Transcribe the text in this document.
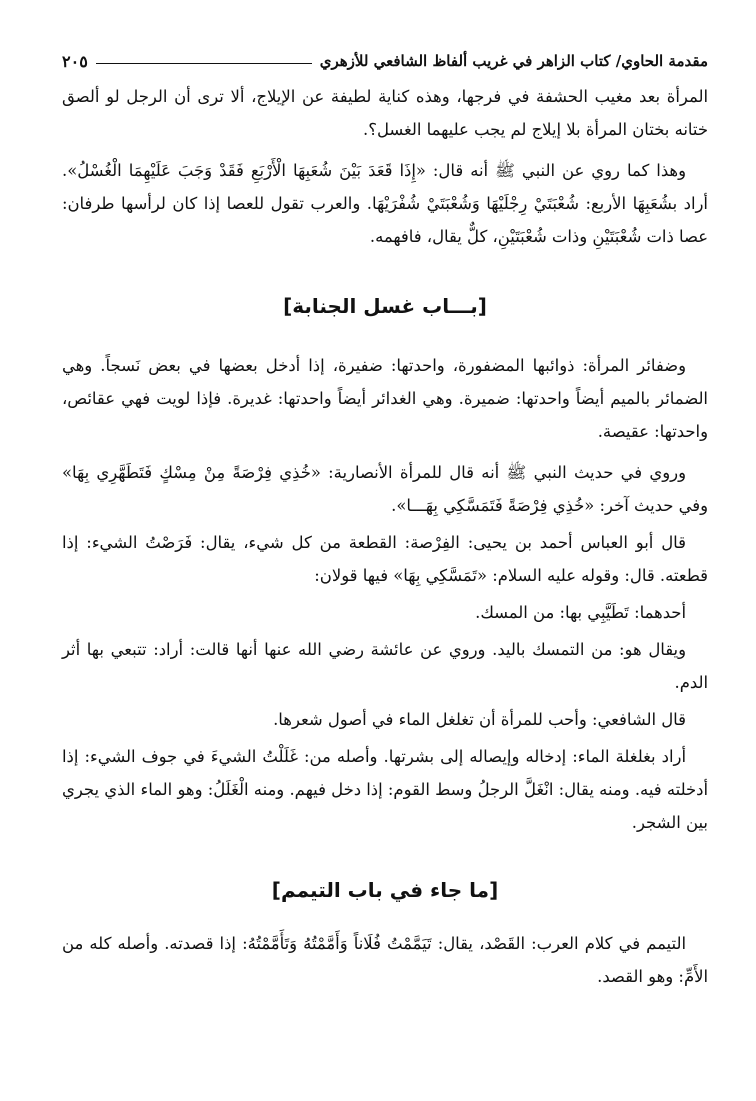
مقدمة الحاوي/ كتاب الزاهر في غريب ألفاظ الشافعي للأزهري
٢٠٥

المرأة بعد مغيب الحشفة في فرجها، وهذه كناية لطيفة عن الإيلاج، ألا ترى أن الرجل لو ألصق ختانه بختان المرأة بلا إيلاج لم يجب عليهما الغسل؟.

وهذا كما روي عن النبي ﷺ أنه قال: «إِذَا قَعَدَ بَيْنَ شُعَبِهَا الْأَرْبَعِ فَقَدْ وَجَبَ عَلَيْهِمَا الْغُسْلُ». أراد بشُعَبِهَا الأربع: شُعْبَتَيْ رِجْلَيْهَا وَشُعْبَتَيْ شُفْرَيْهَا. والعرب تقول للعصا إذا كان لرأسها طرفان: عصا ذات شُعْبَتَيْنِ وذات شُعْبَتَيْنِ، كلٌّ يقال، فافهمه.

[بـــاب غسل الجنابة]

وضفائر المرأة: ذوائبها المضفورة، واحدتها: ضفيرة، إذا أدخل بعضها في بعض نَسجاً. وهي الضمائر بالميم أيضاً واحدتها: ضميرة. وهي الغدائر أيضاً واحدتها: غديرة. فإذا لويت فهي عقائص، واحدتها: عقيصة.

وروي في حديث النبي ﷺ أنه قال للمرأة الأنصارية: «خُذِي فِرْصَةً مِنْ مِسْكٍ فَتَطَهَّرِي بِهَا» وفي حديث آخر: «خُذِي فِرْصَةً فَتَمَسَّكِي بِهَـــا».

قال أبو العباس أحمد بن يحيى: الفِرْصة: القطعة من كل شيء، يقال: فَرَصْتُ الشيء: إذا قطعته. قال: وقوله عليه السلام: «تَمَسَّكِي بِهَا» فيها قولان:

أحدهما: تَطَيَّبِي بها: من المسك.

ويقال هو: من التمسك باليد. وروي عن عائشة رضي الله عنها أنها قالت: أراد: تتبعي بها أثر الدم.

قال الشافعي: وأحب للمرأة أن تغلغل الماء في أصول شعرها.

أراد بغلغلة الماء: إدخاله وإيصاله إلى بشرتها. وأصله من: غَلَلْتُ الشيءَ في جوف الشيء: إذا أدخلته فيه. ومنه يقال: انْغَلَّ الرجلُ وسط القوم: إذا دخل فيهم. ومنه الْغَلَلُ: وهو الماء الذي يجري بين الشجر.

[ما جاء في باب التيمم]

التيمم في كلام العرب: القَصْد، يقال: تَيَمَّمْتُ فُلَاناً وَأَمَّمْتُهُ وَتَأَمَّمْتُهُ: إذا قصدته. وأصله كله من الأَمِّ: وهو القصد.
